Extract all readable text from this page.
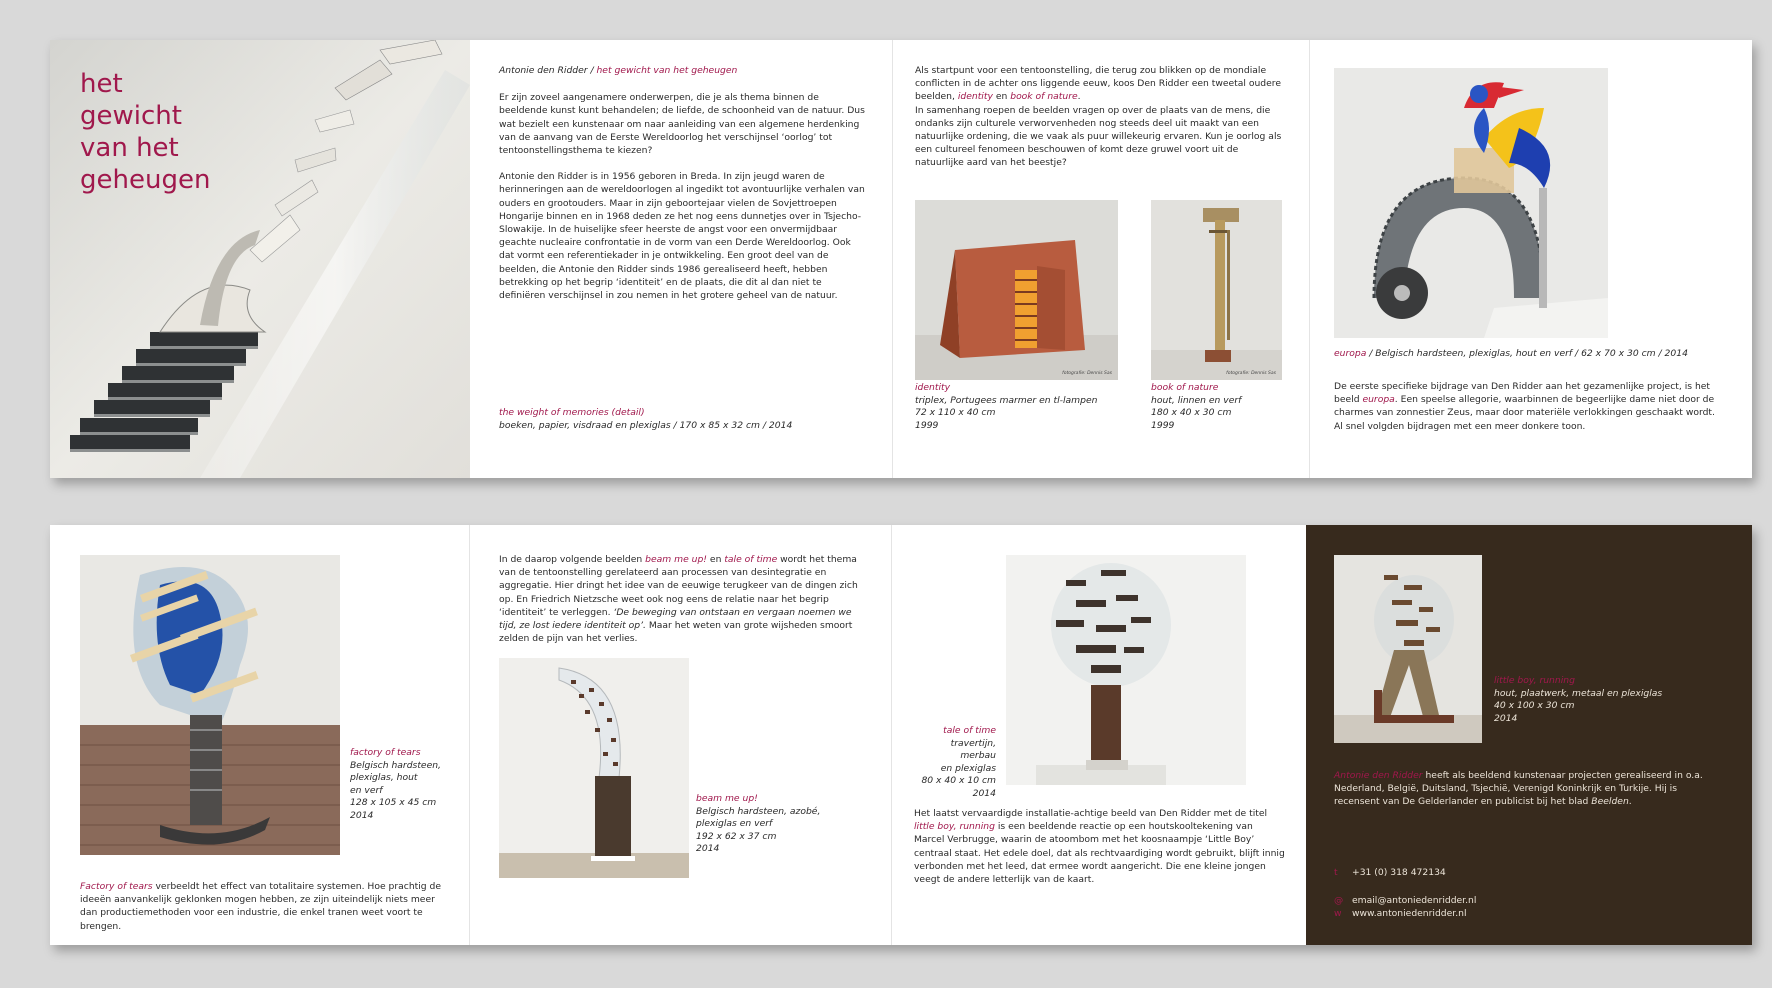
het
gewicht
van het
geheugen

Antonie den Ridder / het gewicht van het geheugen

Er zijn zoveel aangenamere onderwerpen, die je als thema binnen de beeldende kunst kunt behandelen; de liefde, de schoonheid van de natuur. Dus wat bezielt een kunstenaar om naar aanleiding van een algemene herdenking van de aanvang van de Eerste Wereldoorlog het verschijnsel ‘oorlog’ tot tentoonstellingsthema te kiezen?

Antonie den Ridder is in 1956 geboren in Breda. In zijn jeugd waren de herinneringen aan de wereldoorlogen al ingedikt tot avontuurlijke verhalen van ouders en grootouders. Maar in zijn geboortejaar vielen de Sovjettroepen Hongarije binnen en in 1968 deden ze het nog eens dunnetjes over in Tsjecho-Slowakije. In de huiselijke sfeer heerste de angst voor een onvermijdbaar geachte nucleaire confrontatie in de vorm van een Derde Wereldoorlog. Ook dat vormt een referentiekader in je ontwikkeling. Een groot deel van de beelden, die Antonie den Ridder sinds 1986 gerealiseerd heeft, hebben betrekking op het begrip ‘identiteit’ en de plaats, die dit al dan niet te definiëren verschijnsel in zou nemen in het grotere geheel van de natuur.

the weight of memories (detail)
boeken, papier, visdraad en plexiglas / 170 x 85 x 32 cm / 2014

Als startpunt voor een tentoonstelling, die terug zou blikken op de mondiale conflicten in de achter ons liggende eeuw, koos Den Ridder een tweetal oudere beelden, identity en book of nature.

In samenhang roepen de beelden vragen op over de plaats van de mens, die ondanks zijn culturele verworvenheden nog steeds deel uit maakt van een natuurlijke ordening, die we vaak als puur willekeurig ervaren. Kun je oorlog als een cultureel fenomeen beschouwen of komt deze gruwel voort uit de natuurlijke aard van het beestje?

fotografie: Dennis Sas	fotografie: Dennis Sas
identity
triplex, Portugees marmer en tl-lampen
72 x 110 x 40 cm
1999
book of nature
hout, linnen en verf
180 x 40 x 30 cm
1999
europa / Belgisch hardsteen, plexiglas, hout en verf / 62 x 70 x 30 cm / 2014

De eerste specifieke bijdrage van Den Ridder aan het gezamenlijke project, is het beeld europa. Een speelse allegorie, waarbinnen de begeerlijke dame niet door de charmes van zonnestier Zeus, maar door materiële verlokkingen geschaakt wordt. Al snel volgden bijdragen met een meer donkere toon.

factory of tears
Belgisch hardsteen,
plexiglas, hout
en verf
128 x 105 x 45 cm
2014

Factory of tears verbeeldt het effect van totalitaire systemen. Hoe prachtig de ideeën aanvankelijk geklonken mogen hebben, ze zijn uiteindelijk niets meer dan productiemethoden voor een industrie, die enkel tranen weet voort te brengen.

In de daarop volgende beelden beam me up! en tale of time wordt het thema van de tentoonstelling gerelateerd aan processen van desintegratie en aggregatie. Hier dringt het idee van de eeuwige terugkeer van de dingen zich op. En Friedrich Nietzsche weet ook nog eens de relatie naar het begrip ‘identiteit’ te verleggen. ‘De beweging van ontstaan en vergaan noemen we tijd, ze lost iedere identiteit op’. Maar het weten van grote wijsheden smoort zelden de pijn van het verlies.

beam me up!
Belgisch hardsteen, azobé,
plexiglas en verf
192 x 62 x 37 cm
2014
tale of time
travertijn, merbau
en plexiglas
80 x 40 x 10 cm
2014

Het laatst vervaardigde installatie-achtige beeld van Den Ridder met de titel little boy, running is een beeldende reactie op een houtskooltekening van Marcel Verbrugge, waarin de atoombom met het koosnaampje ‘Little Boy’ centraal staat. Het edele doel, dat als rechtvaardiging wordt gebruikt, blijft innig verbonden met het leed, dat ermee wordt aangericht. Die ene kleine jongen veegt de andere letterlijk van de kaart.

little boy, running
hout, plaatwerk, metaal en plexiglas
40 x 100 x 30 cm
2014

Antonie den Ridder heeft als beeldend kunstenaar projecten gerealiseerd in o.a. Nederland, België, Duitsland, Tsjechië, Verenigd Koninkrijk en Turkije. Hij is recensent van De Gelderlander en publicist bij het blad Beelden.

t +31 (0) 318 472134
@ email@antoniedenridder.nl
w www.antoniedenridder.nl
